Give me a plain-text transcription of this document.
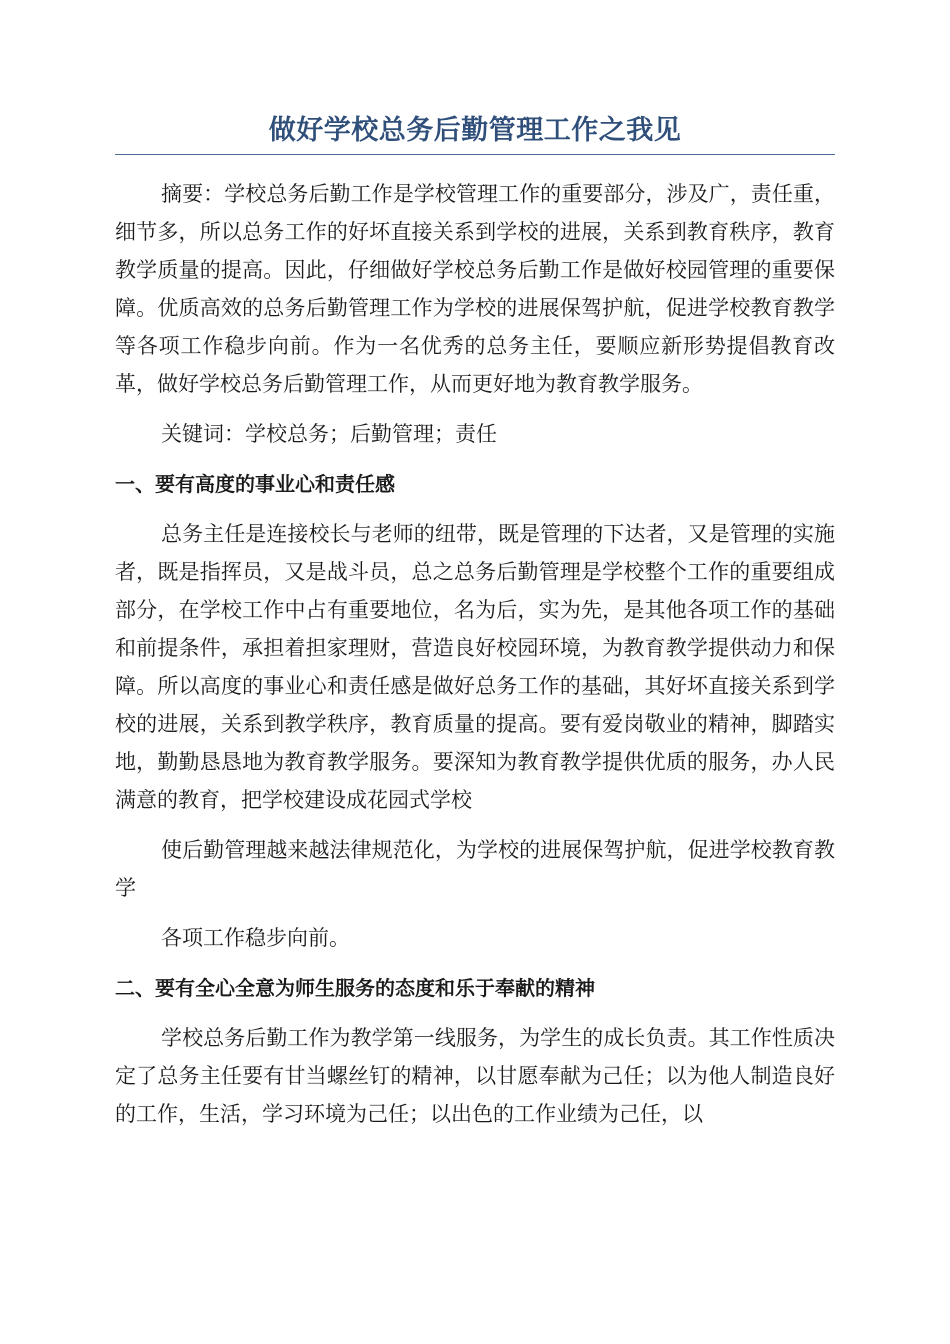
做好学校总务后勤管理工作之我见

摘要：学校总务后勤工作是学校管理工作的重要部分，涉及广，责任重，细节多，所以总务工作的好坏直接关系到学校的进展，关系到教育秩序，教育教学质量的提高。因此，仔细做好学校总务后勤工作是做好校园管理的重要保障。优质高效的总务后勤管理工作为学校的进展保驾护航，促进学校教育教学等各项工作稳步向前。作为一名优秀的总务主任，要顺应新形势提倡教育改革，做好学校总务后勤管理工作，从而更好地为教育教学服务。

关键词：学校总务；后勤管理；责任

一、要有高度的事业心和责任感

总务主任是连接校长与老师的纽带，既是管理的下达者，又是管理的实施者，既是指挥员，又是战斗员，总之总务后勤管理是学校整个工作的重要组成部分，在学校工作中占有重要地位，名为后，实为先，是其他各项工作的基础和前提条件，承担着担家理财，营造良好校园环境，为教育教学提供动力和保障。所以高度的事业心和责任感是做好总务工作的基础，其好坏直接关系到学校的进展，关系到教学秩序，教育质量的提高。要有爱岗敬业的精神，脚踏实地，勤勤恳恳地为教育教学服务。要深知为教育教学提供优质的服务，办人民满意的教育，把学校建设成花园式学校

使后勤管理越来越法律规范化，为学校的进展保驾护航，促进学校教育教学

各项工作稳步向前。

二、要有全心全意为师生服务的态度和乐于奉献的精神

学校总务后勤工作为教学第一线服务，为学生的成长负责。其工作性质决定了总务主任要有甘当螺丝钉的精神，以甘愿奉献为己任；以为他人制造良好的工作，生活，学习环境为己任；以出色的工作业绩为己任，以
